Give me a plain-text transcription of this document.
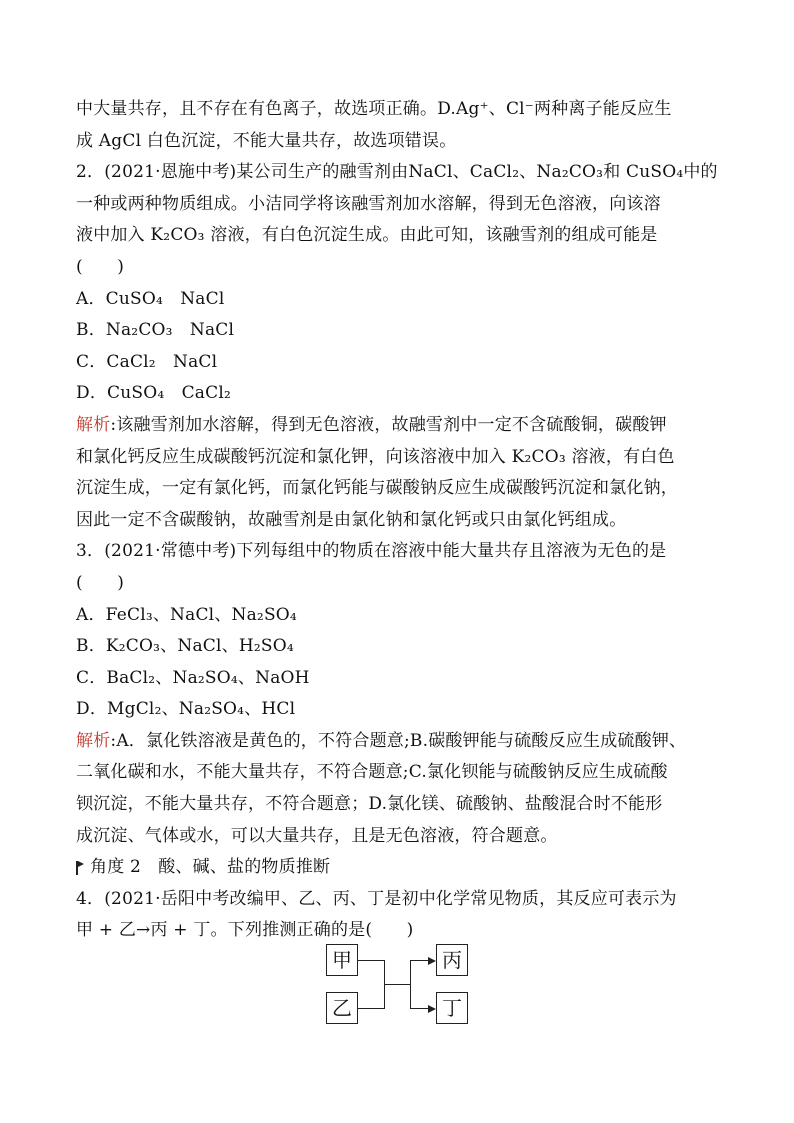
中大量共存，且不存在有色离子，故选项正确。D.Ag⁺、Cl⁻两种离子能反应生
成 AgCl 白色沉淀，不能大量共存，故选项错误。
2．(2021·恩施中考)某公司生产的融雪剂由NaCl、CaCl₂、Na₂CO₃和 CuSO₄中的
一种或两种物质组成。小洁同学将该融雪剂加水溶解，得到无色溶液，向该溶
液中加入 K₂CO₃ 溶液，有白色沉淀生成。由此可知，该融雪剂的组成可能是
(　　)
A．CuSO₄　NaCl
B．Na₂CO₃　NaCl
C．CaCl₂　NaCl
D．CuSO₄　CaCl₂
解析:该融雪剂加水溶解，得到无色溶液，故融雪剂中一定不含硫酸铜，碳酸钾
和氯化钙反应生成碳酸钙沉淀和氯化钾，向该溶液中加入 K₂CO₃ 溶液，有白色
沉淀生成，一定有氯化钙，而氯化钙能与碳酸钠反应生成碳酸钙沉淀和氯化钠，
因此一定不含碳酸钠，故融雪剂是由氯化钠和氯化钙或只由氯化钙组成。
3．(2021·常德中考)下列每组中的物质在溶液中能大量共存且溶液为无色的是
(　　)
A．FeCl₃、NaCl、Na₂SO₄
B．K₂CO₃、NaCl、H₂SO₄
C．BaCl₂、Na₂SO₄、NaOH
D．MgCl₂、Na₂SO₄、HCl
解析:A．氯化铁溶液是黄色的，不符合题意;B.碳酸钾能与硫酸反应生成硫酸钾、
二氧化碳和水，不能大量共存，不符合题意;C.氯化钡能与硫酸钠反应生成硫酸
钡沉淀，不能大量共存，不符合题意；D.氯化镁、硫酸钠、盐酸混合时不能形
成沉淀、气体或水，可以大量共存，且是无色溶液，符合题意。
角度 2　酸、碱、盐的物质推断
4．(2021·岳阳中考改编甲、乙、丙、丁是初中化学常见物质，其反应可表示为
甲 + 乙→丙 + 丁。下列推测正确的是(　　)
甲
乙
丙
丁
